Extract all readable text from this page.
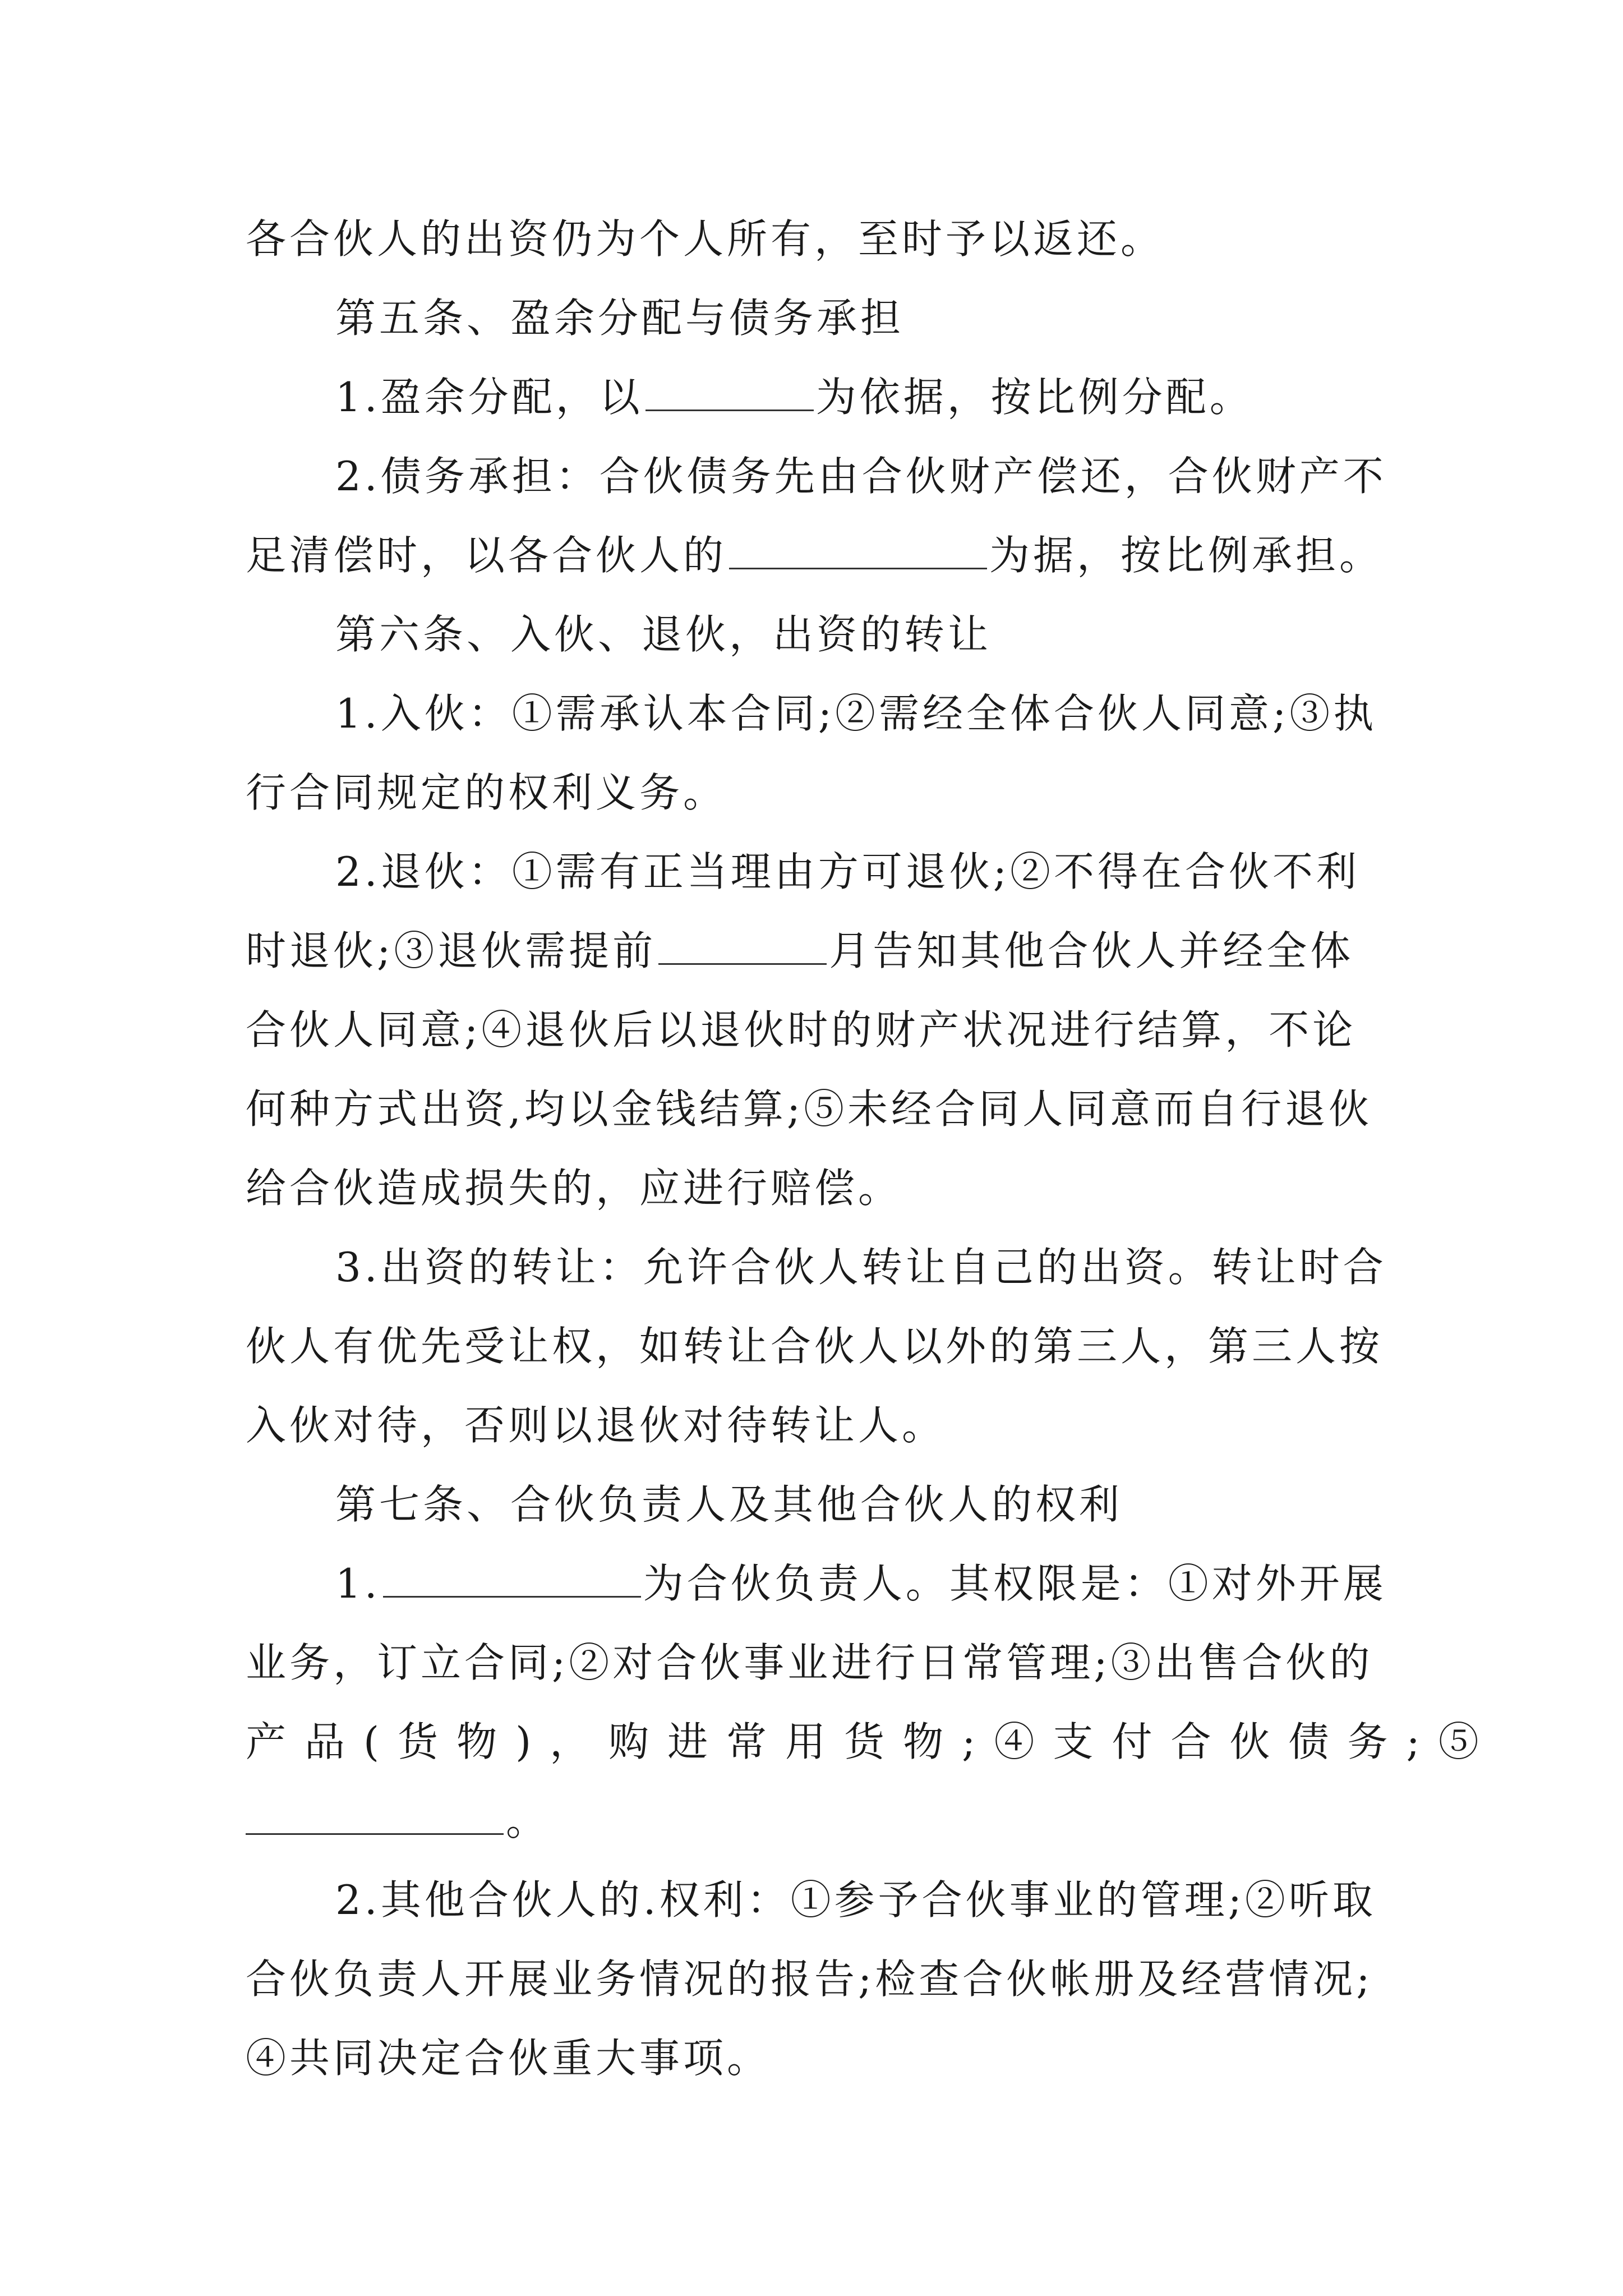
各合伙人的出资仍为个人所有，至时予以返还。
第五条、盈余分配与债务承担
1.盈余分配，以	为依据，按比例分配。
2.债务承担：合伙债务先由合伙财产偿还，合伙财产不
足清偿时，以各合伙人的	为据，按比例承担。
第六条、入伙、退伙，出资的转让
1.入伙：①需承认本合同;②需经全体合伙人同意;③执
行合同规定的权利义务。
2.退伙：①需有正当理由方可退伙;②不得在合伙不利
时退伙;③退伙需提前	月告知其他合伙人并经全体
合伙人同意;④退伙后以退伙时的财产状况进行结算，不论
何种方式出资,均以金钱结算;⑤未经合同人同意而自行退伙
给合伙造成损失的，应进行赔偿。
3.出资的转让：允许合伙人转让自己的出资。转让时合
伙人有优先受让权，如转让合伙人以外的第三人，第三人按
入伙对待，否则以退伙对待转让人。
第七条、合伙负责人及其他合伙人的权利
1.	为合伙负责人。其权限是：①对外开展
业务，订立合同;②对合伙事业进行日常管理;③出售合伙的
产品(货物)，购进常用货物;④支付合伙债务;⑤
。
2.其他合伙人的.权利：①参予合伙事业的管理;②听取
合伙负责人开展业务情况的报告;检查合伙帐册及经营情况;
④共同决定合伙重大事项。
